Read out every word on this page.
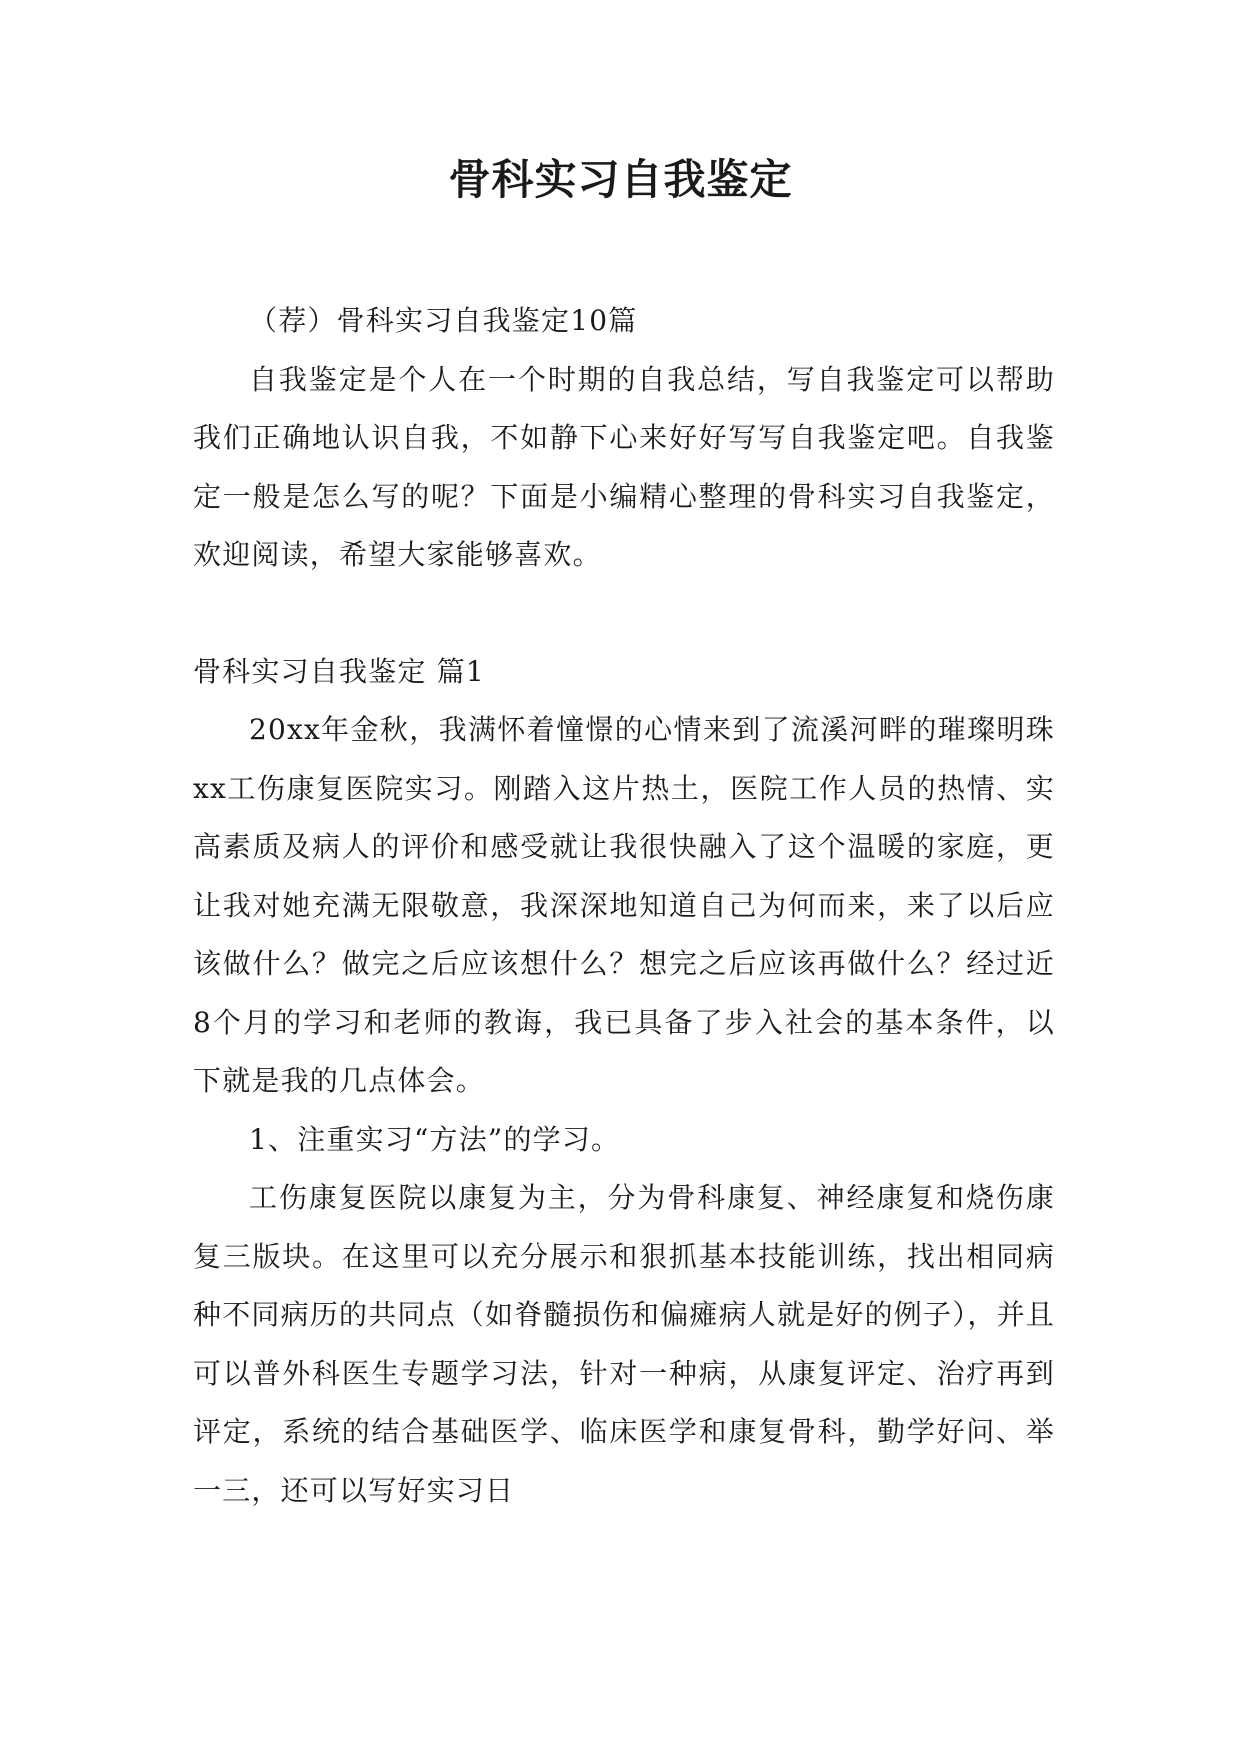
骨科实习自我鉴定

（荐）骨科实习自我鉴定10篇

自我鉴定是个人在一个时期的自我总结，写自我鉴定可以帮助我们正确地认识自我，不如静下心来好好写写自我鉴定吧。自我鉴定一般是怎么写的呢？下面是小编精心整理的骨科实习自我鉴定，欢迎阅读，希望大家能够喜欢。

骨科实习自我鉴定 篇1

20xx年金秋，我满怀着憧憬的心情来到了流溪河畔的璀璨明珠xx工伤康复医院实习。刚踏入这片热土，医院工作人员的热情、实高素质及病人的评价和感受就让我很快融入了这个温暖的家庭，更让我对她充满无限敬意，我深深地知道自己为何而来，来了以后应该做什么？做完之后应该想什么？想完之后应该再做什么？经过近8个月的学习和老师的教诲，我已具备了步入社会的基本条件，以下就是我的几点体会。

1、注重实习“方法”的学习。

工伤康复医院以康复为主，分为骨科康复、神经康复和烧伤康复三版块。在这里可以充分展示和狠抓基本技能训练，找出相同病种不同病历的共同点（如脊髓损伤和偏瘫病人就是好的例子），并且可以普外科医生专题学习法，针对一种病，从康复评定、治疗再到评定，系统的结合基础医学、临床医学和康复骨科，勤学好问、举一三，还可以写好实习日
